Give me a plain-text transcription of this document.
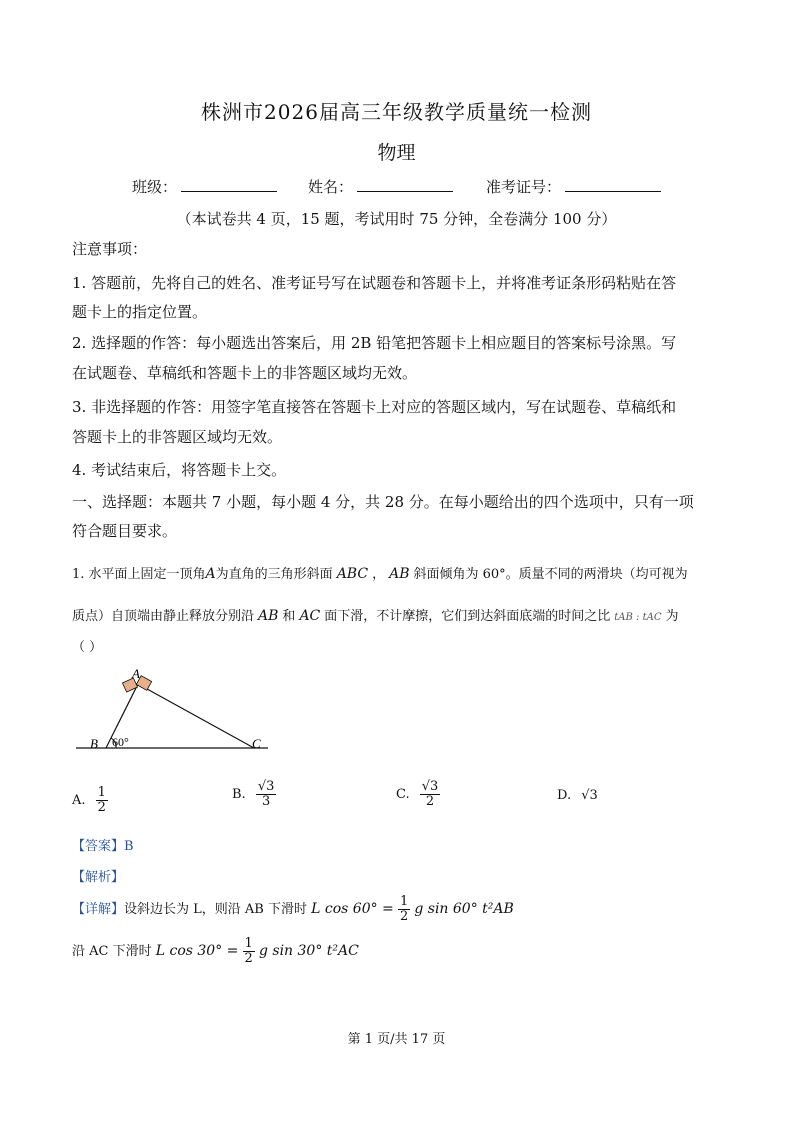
株洲市2026届高三年级教学质量统一检测
物理
班级：	姓名：	准考证号：
（本试卷共 4 页，15 题，考试用时 75 分钟，全卷满分 100 分）
注意事项：
1. 答题前，先将自己的姓名、准考证号写在试题卷和答题卡上，并将准考证条形码粘贴在答
题卡上的指定位置。
2. 选择题的作答：每小题选出答案后，用 2B 铅笔把答题卡上相应题目的答案标号涂黑。写
在试题卷、草稿纸和答题卡上的非答题区域均无效。
3. 非选择题的作答：用签字笔直接答在答题卡上对应的答题区域内，写在试题卷、草稿纸和
答题卡上的非答题区域均无效。
4. 考试结束后，将答题卡上交。
一、选择题：本题共 7 小题，每小题 4 分，共 28 分。在每小题给出的四个选项中，只有一项
符合题目要求。
1. 水平面上固定一顶角A为直角的三角形斜面 ABC ， AB 斜面倾角为 60°。质量不同的两滑块（均可视为
质点）自顶端由静止释放分别沿 AB 和 AC 面下滑，不计摩擦，它们到达斜面底端的时间之比 tAB : tAC 为
（ ）
A
B	C
60°
A. $\frac{1}{2}$	B. $\frac{√3}{3}$	C. $\frac{√3}{2}$	D. √3
【答案】B
【解析】
【详解】设斜边长为 L，则沿 AB 下滑时 L $\cos 60^\circ = \frac{1}{2}$ g sin 60° t²AB
沿 AC 下滑时 L $\cos 30^\circ = \frac{1}{2}$ g sin 30° t²AC
第 1 页/共 17 页
